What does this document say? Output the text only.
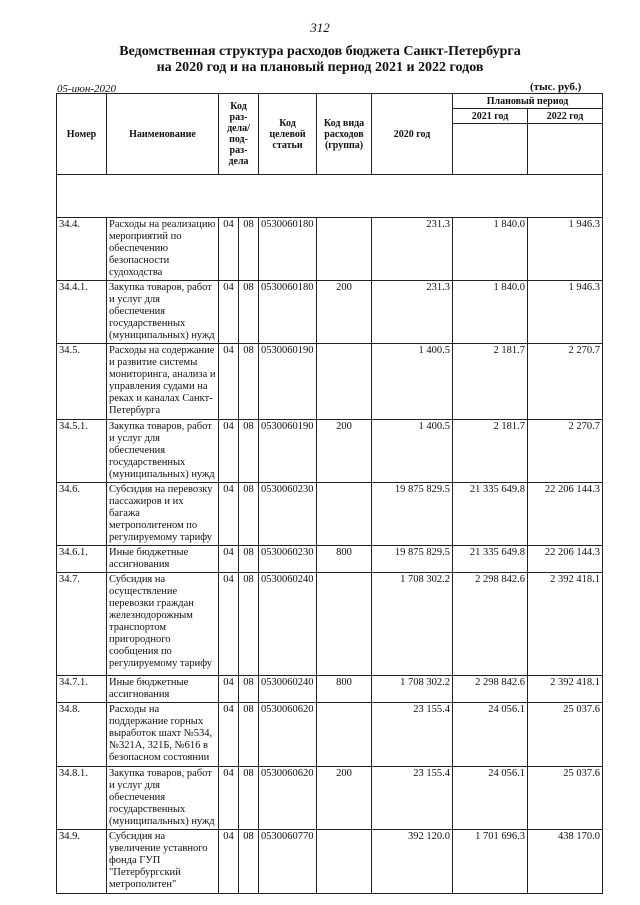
312
Ведомственная структура расходов бюджета Санкт-Петербурга
на 2020 год и на плановый период 2021 и 2022 годов
05-июн-2020	(тыс. руб.)
Номер	Наименование	Код раз-дела/ под-раз-дела		Код целевой статьи	Код вида расходов (группа)	2020 год	Плановый период	
							2021 год	2022 год

34.4.	Расходы на реализацию мероприятий по обеспечению безопасности судоходства	04	08	0530060180		231.3	1 840.0	1 946.3
34.4.1.	Закупка товаров, работ и услуг для обеспечения государственных (муниципальных) нужд	04	08	0530060180	200	231.3	1 840.0	1 946.3
34.5.	Расходы на содержание и развитие системы мониторинга, анализа и управления судами на реках и каналах Санкт-Петербурга	04	08	0530060190		1 400.5	2 181.7	2 270.7
34.5.1.	Закупка товаров, работ и услуг для обеспечения государственных (муниципальных) нужд	04	08	0530060190	200	1 400.5	2 181.7	2 270.7
34.6.	Субсидия на перевозку пассажиров и их багажа метрополитеном по регулируемому тарифу	04	08	0530060230		19 875 829.5	21 335 649.8	22 206 144.3
34.6.1.	Иные бюджетные ассигнования	04	08	0530060230	800	19 875 829.5	21 335 649.8	22 206 144.3
34.7.	Субсидия на осуществление перевозки граждан железнодорожным транспортом пригородного сообщения по регулируемому тарифу	04	08	0530060240		1 708 302.2	2 298 842.6	2 392 418.1
34.7.1.	Иные бюджетные ассигнования	04	08	0530060240	800	1 708 302.2	2 298 842.6	2 392 418.1
34.8.	Расходы на поддержание горных выработок шахт №534, №321А, 321Б, №616 в безопасном состоянии	04	08	0530060620		23 155.4	24 056.1	25 037.6
34.8.1.	Закупка товаров, работ и услуг для обеспечения государственных (муниципальных) нужд	04	08	0530060620	200	23 155.4	24 056.1	25 037.6
34.9.	Субсидия на увеличение уставного фонда ГУП "Петербургский метрополитен"	04	08	0530060770		392 120.0	1 701 696.3	438 170.0
